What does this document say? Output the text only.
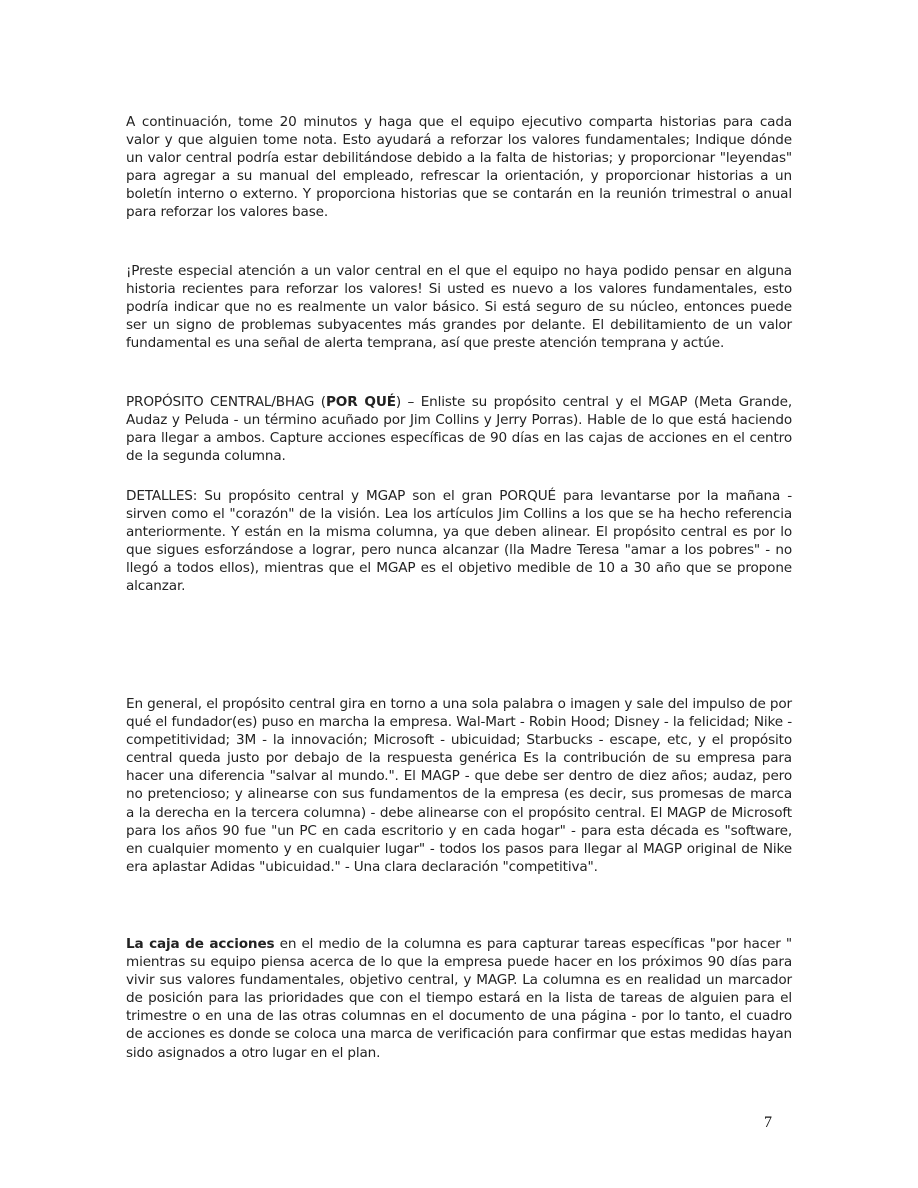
A continuación, tome 20 minutos y haga que el equipo ejecutivo comparta historias para cada valor y que alguien tome nota. Esto ayudará a reforzar los valores fundamentales; Indique dónde un valor central podría estar debilitándose debido a la falta de historias; y proporcionar "leyendas" para agregar a su manual del empleado, refrescar la orientación, y proporcionar historias a un boletín interno o externo. Y proporciona historias que se contarán en la reunión trimestral o anual para reforzar los valores base.

¡Preste especial atención a un valor central en el que el equipo no haya podido pensar en alguna historia recientes para reforzar los valores! Si usted es nuevo a los valores fundamentales, esto podría indicar que no es realmente un valor básico. Si está seguro de su núcleo, entonces puede ser un signo de problemas subyacentes más grandes por delante. El debilitamiento de un valor fundamental es una señal de alerta temprana, así que preste atención temprana y actúe.

PROPÓSITO CENTRAL/BHAG (POR QUÉ) – Enliste su propósito central y el MGAP (Meta Grande, Audaz y Peluda - un término acuñado por Jim Collins y Jerry Porras). Hable de lo que está haciendo para llegar a ambos. Capture acciones específicas de 90 días en las cajas de acciones en el centro de la segunda columna.

DETALLES: Su propósito central y MGAP son el gran PORQUÉ para levantarse por la mañana - sirven como el "corazón" de la visión. Lea los artículos Jim Collins a los que se ha hecho referencia anteriormente. Y están en la misma columna, ya que deben alinear. El propósito central es por lo que sigues esforzándose a lograr, pero nunca alcanzar (lla Madre Teresa "amar a los pobres" - no llegó a todos ellos), mientras que el MGAP es el objetivo medible de 10 a 30 año que se propone alcanzar.

En general, el propósito central gira en torno a una sola palabra o imagen y sale del impulso de por qué el fundador(es) puso en marcha la empresa. Wal-Mart - Robin Hood; Disney - la felicidad; Nike - competitividad; 3M - la innovación; Microsoft - ubicuidad; Starbucks - escape, etc, y el propósito central queda justo por debajo de la respuesta genérica Es la contribución de su empresa para hacer una diferencia "salvar al mundo.". El MAGP - que debe ser dentro de diez años; audaz, pero no pretencioso; y alinearse con sus fundamentos de la empresa (es decir, sus promesas de marca a la derecha en la tercera columna) - debe alinearse con el propósito central. El MAGP de Microsoft para los años 90 fue "un PC en cada escritorio y en cada hogar" - para esta década es "software, en cualquier momento y en cualquier lugar" - todos los pasos para llegar al MAGP original de Nike era aplastar Adidas "ubicuidad." - Una clara declaración "competitiva".

La caja de acciones en el medio de la columna es para capturar tareas específicas "por hacer " mientras su equipo piensa acerca de lo que la empresa puede hacer en los próximos 90 días para vivir sus valores fundamentales, objetivo central, y MAGP. La columna es en realidad un marcador de posición para las prioridades que con el tiempo estará en la lista de tareas de alguien para el trimestre o en una de las otras columnas en el documento de una página - por lo tanto, el cuadro de acciones es donde se coloca una marca de verificación para confirmar que estas medidas hayan sido asignados a otro lugar en el plan.

7
